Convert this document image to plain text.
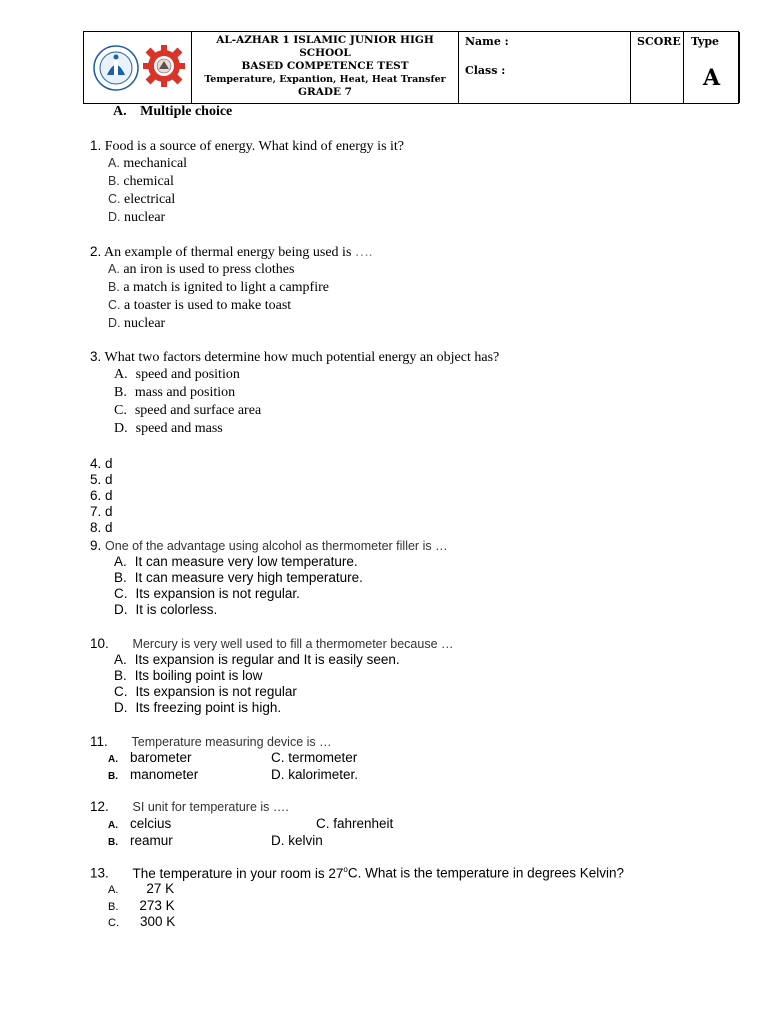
AL-AZHAR 1 ISLAMIC JUNIOR HIGH SCHOOL
BASED COMPETENCE TEST
Temperature, Expantion, Heat, Heat Transfer
GRADE 7
Name :
Class :
SCORE Type
A
A. Multiple choice
1. Food is a source of energy. What kind of energy is it?
A. mechanical
B. chemical
C. electrical
D. nuclear
2. An example of thermal energy being used is ….
A. an iron is used to press clothes
B. a match is ignited to light a campfire
C. a toaster is used to make toast
D. nuclear
3. What two factors determine how much potential energy an object has?
A. speed and position
B. mass and position
C. speed and surface area
D. speed and mass
4. d
5. d
6. d
7. d
8. d
9. One of the advantage using alcohol as thermometer filler is …
A. It can measure very low temperature.
B. It can measure very high temperature.
C. Its expansion is not regular.
D. It is colorless.
10. Mercury is very well used to fill a thermometer because …
A. Its expansion is regular and It is easily seen.
B. Its boiling point is low
C. Its expansion is not regular
D. Its freezing point is high.
11. Temperature measuring device is …
A. barometer	C. termometer
B. manometer	D. kalorimeter.
12. SI unit for temperature is ….
A. celcius	C. fahrenheit
B. reamur	D. kelvin
13. The temperature in your room is 27$^o$C. What is the temperature in degrees Kelvin?
A. 27 K
B. 273 K
C. 300 K
